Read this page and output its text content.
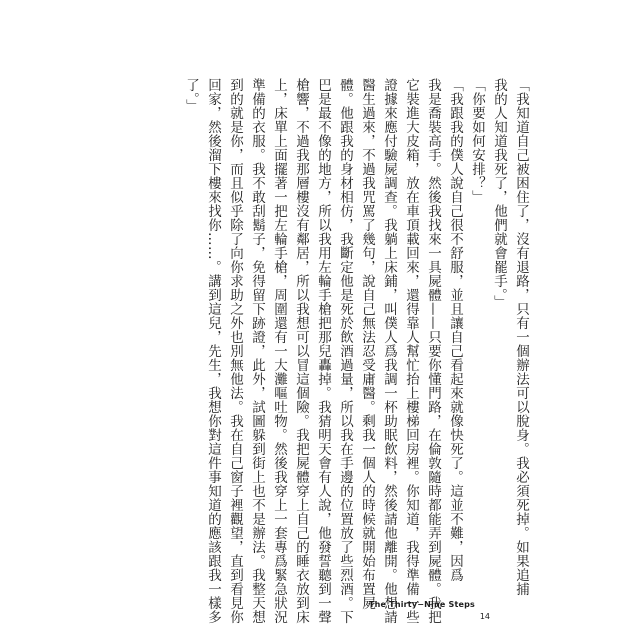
「我知道自己被困住了，沒有退路，只有一個辦法可以脫身。我必須死掉。如果追捕

我的人知道我死了，他們就會罷手。」

「你要如何安排？」

「我跟我的僕人說自己很不舒服，並且讓自己看起來就像快死了。這並不難，因爲

我是喬裝高手。然後我找來一具屍體——只要你懂門路，在倫敦隨時都能弄到屍體。我把

它裝進大皮箱，放在車頂載回來，還得靠人幫忙抬上樓梯回房裡。你知道，我得準備一些

證據來應付驗屍調查。我躺上床鋪，叫僕人爲我調一杯助眠飲料，然後請他離開。他想請

醫生過來，不過我咒罵了幾句，說自己無法忍受庸醫。剩我一個人的時候就開始布置屍

體。他跟我的身材相仿，我斷定他是死於飲酒過量，所以我在手邊的位置放了些烈酒。下

巴是最不像的地方，所以我用左輪手槍把那兒轟掉。我猜明天會有人說，他發誓聽到一聲

槍響，不過我那層樓沒有鄰居，所以我想可以冒這個險。我把屍體穿上自己的睡衣放到床

上，床單上面擺著一把左輪手槍，周圍還有一大灘嘔吐物。然後我穿上一套專爲緊急狀況

準備的衣服。我不敢刮鬍子，免得留下跡證，此外，試圖躲到街上也不是辦法。我整天想

到的就是你，而且似乎除了向你求助之外也別無他法。我在自己窗子裡觀望，直到看見你

回家，然後溜下樓來找你……。講到這兒，先生，我想你對這件事知道的應該跟我一樣多

了。」

The Thirty−Nine Steps
14
